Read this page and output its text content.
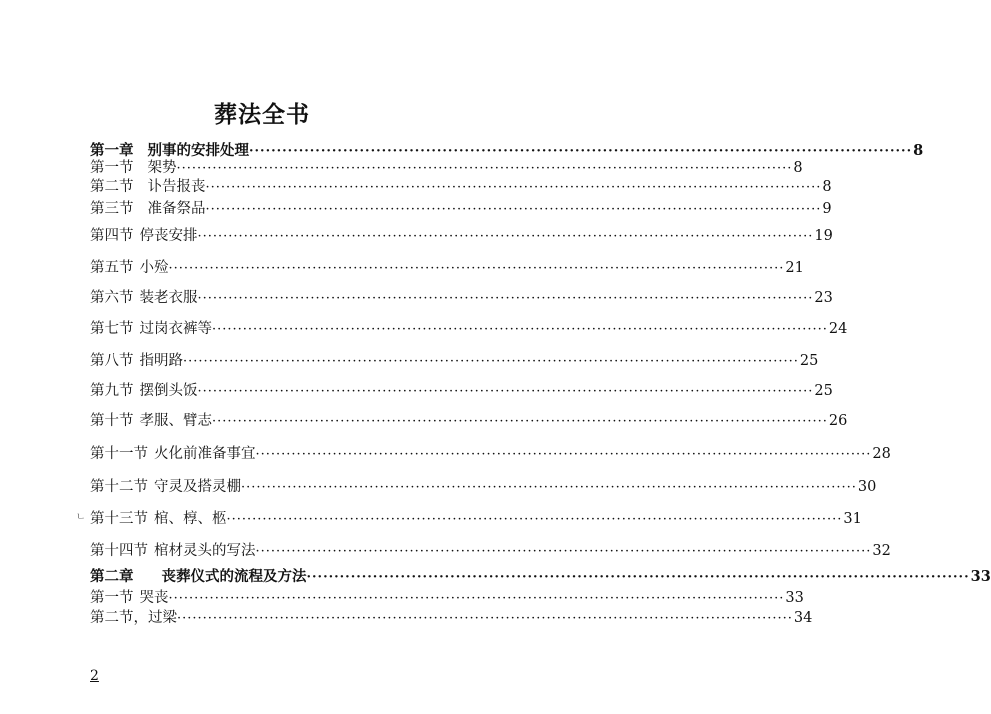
葬法全书
第一章 别事的安排处理 ························································································································ 8
第一节 架势 ························································································································ 8
第二节 讣告报丧 ························································································································ 8
第三节 准备祭品 ························································································································ 9
第四节 停丧安排 ························································································································ 19
第五节 小殓 ························································································································ 21
第六节 装老衣服 ························································································································ 23
第七节 过岗衣裤等 ························································································································ 24
第八节 指明路 ························································································································ 25
第九节 摆倒头饭 ························································································································ 25
第十节 孝服、臂志 ························································································································ 26
第十一节 火化前准备事宜 ························································································································ 28
第十二节 守灵及搭灵棚 ························································································································ 30
第十三节 棺、椁、柩 ························································································································ 31
第十四节 棺材灵头的写法 ························································································································ 32
第二章 丧葬仪式的流程及方法 ························································································································ 33
第一节 哭丧 ························································································································ 33
第二节， 过梁 ························································································································ 34
ㄴ
2
